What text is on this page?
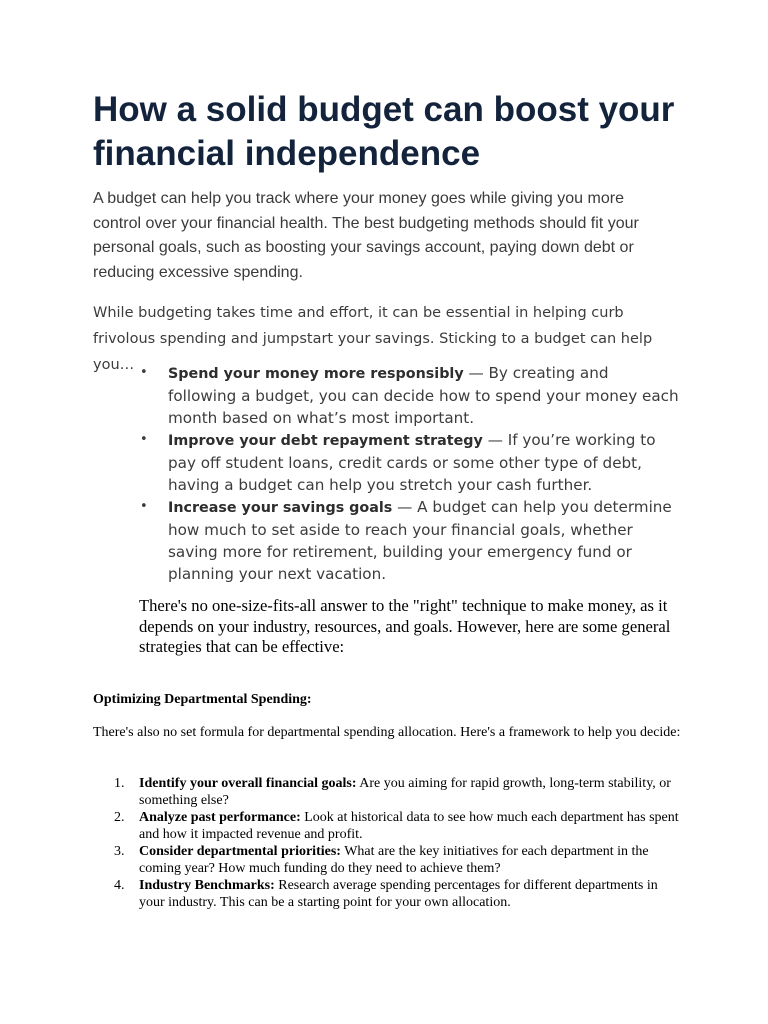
How a solid budget can boost your financial independence

A budget can help you track where your money goes while giving you more control over your financial health. The best budgeting methods should fit your personal goals, such as boosting your savings account, paying down debt or reducing excessive spending.

While budgeting takes time and effort, it can be essential in helping curb frivolous spending and jumpstart your savings. Sticking to a budget can help you… •	Spend your money more responsibly — By creating and following a budget, you can decide how to spend your money each month based on what’s most important.
•	Improve your debt repayment strategy — If you’re working to pay off student loans, credit cards or some other type of debt, having a budget can help you stretch your cash further.
•	Increase your savings goals — A budget can help you determine how much to set aside to reach your financial goals, whether saving more for retirement, building your emergency fund or planning your next vacation.

There's no one-size-fits-all answer to the "right" technique to make money, as it depends on your industry, resources, and goals. However, here are some general strategies that can be effective:

Optimizing Departmental Spending:

There's also no set formula for departmental spending allocation. Here's a framework to help you decide:

1. Identify your overall financial goals: Are you aiming for rapid growth, long-term stability, or something else?
2. Analyze past performance: Look at historical data to see how much each department has spent and how it impacted revenue and profit.
3. Consider departmental priorities: What are the key initiatives for each department in the coming year? How much funding do they need to achieve them?
4. Industry Benchmarks: Research average spending percentages for different departments in your industry. This can be a starting point for your own allocation.
